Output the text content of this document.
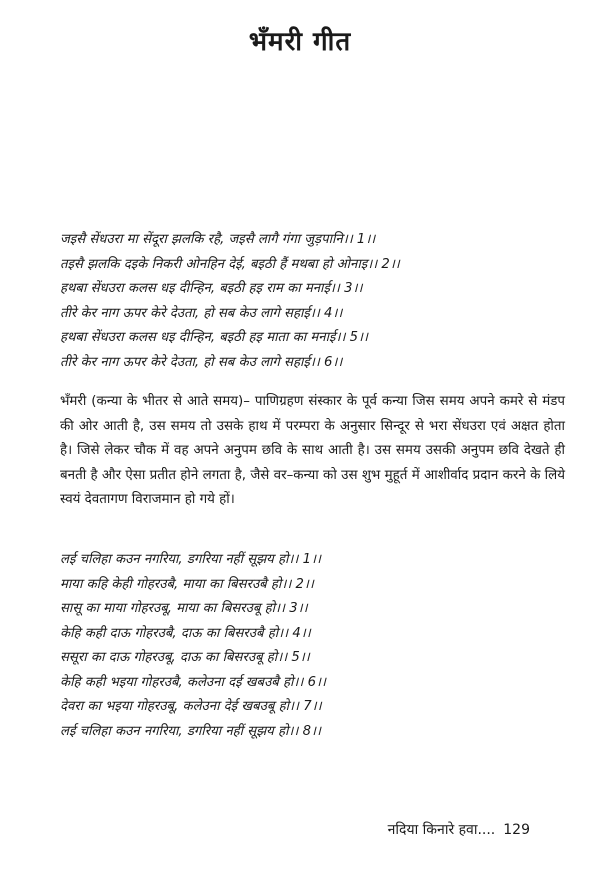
भँमरी गीत
जइसै सेंधउरा मा सेंदूरा झलकि रहै, जइसै लागै गंगा जुड़पानि।। 1।।
तइसै झलकि दइके निकरी ओनहिन देई, बइठी हैं मथबा हो ओनाइ।। 2।।
हथबा सेंधउरा कलस धइ दीन्हिन, बइठी हइ राम का मनाई।। 3।।
तीरे केर नाग ऊपर केरे देउता, हो सब केउ लागे सहाई।। 4।।
हथबा सेंधउरा कलस धइ दीन्हिन, बइठी हइ माता का मनाई।। 5।।
तीरे केर नाग ऊपर केरे देउता, हो सब केउ लागे सहाई।। 6।।
भँमरी (कन्या के भीतर से आते समय)– पाणिग्रहण संस्कार के पूर्व कन्या जिस समय अपने कमरे से मंडप की ओर आती है, उस समय तो उसके हाथ में परम्परा के अनुसार सिन्दूर से भरा सेंधउरा एवं अक्षत होता है। जिसे लेकर चौक में वह अपने अनुपम छवि के साथ आती है। उस समय उसकी अनुपम छवि देखते ही बनती है और ऐसा प्रतीत होने लगता है, जैसे वर–कन्या को उस शुभ मुहूर्त में आशीर्वाद प्रदान करने के लिये स्वयं देवतागण विराजमान हो गये हों।
लई चलिहा कउन नगरिया, डगरिया नहीं सूझय हो।। 1।।
माया कहि केही गोहरउबै, माया का बिसरउबै हो।। 2।।
सासू का माया गोहरउबू, माया का बिसरउबू हो।। 3।।
केहि कही दाऊ गोहरउबै, दाऊ का बिसरउबै हो।। 4।।
ससूरा का दाऊ गोहरउबू, दाऊ का बिसरउबू हो।। 5।।
केहि कही भइया गोहरउबै, कलेउना दई खबउबै हो।। 6।।
देवरा का भइया गोहरउबू, कलेउना देई खबउबू हो।। 7।।
लई चलिहा कउन नगरिया, डगरिया नहीं सूझय हो।। 8।।
नदिया किनारे हवा.... 129
